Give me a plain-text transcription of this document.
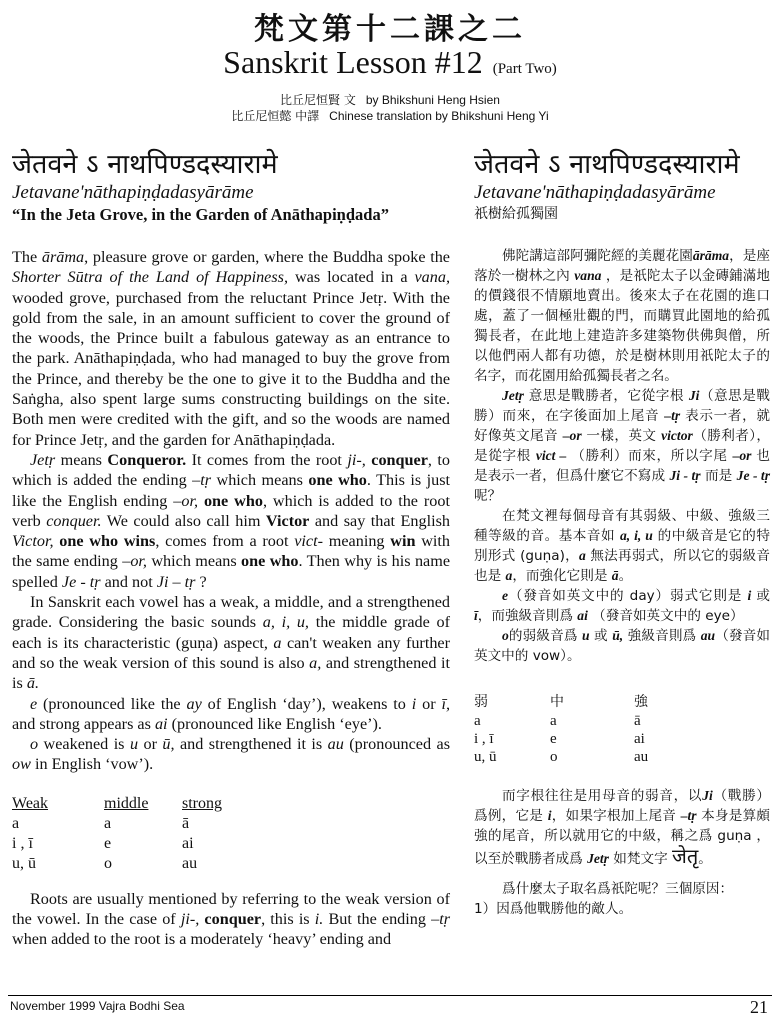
梵文第十二課之二
Sanskrit Lesson #12 (Part Two)
比丘尼恒賢 文 by Bhikshuni Heng Hsien
比丘尼恒懿 中譯 Chinese translation by Bhikshuni Heng Yi
जेतवने ऽ नाथपिण्डदस्यारामे
Jetavane'nāthapiṇḍadasyārāme
“In the Jeta Grove, in the Garden of Anāthapiṇḍada”

The ārāma, pleasure grove or garden, where the Buddha spoke the Shorter Sūtra of the Land of Happiness, was located in a vana, wooded grove, purchased from the reluctant Prince Jetṛ. With the gold from the sale, in an amount sufficient to cover the ground of the woods, the Prince built a fabulous gateway as an entrance to the park. Anāthapiṇḍada, who had managed to buy the grove from the Prince, and thereby be the one to give it to the Buddha and the Saṅgha, also spent large sums constructing buildings on the site. Both men were credited with the gift, and so the woods are named for Prince Jetṛ, and the garden for Anāthapiṇḍada.

Jetṛ means Conqueror. It comes from the root ji-, conquer, to which is added the ending –tṛ which means one who. This is just like the English ending –or, one who, which is added to the root verb conquer. We could also call him Victor and say that English Victor, one who wins, comes from a root vict- meaning win with the same ending –or, which means one who. Then why is his name spelled Je - tṛ and not Ji – tṛ ?

In Sanskrit each vowel has a weak, a middle, and a strengthened grade. Considering the basic sounds a, i, u, the middle grade of each is its characteristic (guṇa) aspect, a can't weaken any further and so the weak version of this sound is also a, and strengthened it is ā.

e (pronounced like the ay of English ‘day’), weakens to i or ī, and strong appears as ai (pronounced like English ‘eye’).

o weakened is u or ū, and strengthened it is au (pronounced as ow in English ‘vow’).

Weak	middle	strong
a	a	ā
i , ī	e	ai
u, ū	o	au

Roots are usually mentioned by referring to the weak version of the vowel. In the case of ji-, conquer, this is i. But the ending –tṛ when added to the root is a moderately ‘heavy’ ending and

जेतवने ऽ नाथपिण्डदस्यारामे
Jetavane'nāthapiṇḍadasyārāme
祇樹給孤獨園

佛陀講這部阿彌陀經的美麗花園ārāma，是座落於一樹林之內 vana ，是祇陀太子以金磚鋪滿地的價錢很不情願地賣出。後來太子在花園的進口處，蓋了一個極壯觀的門，而購買此園地的給孤獨長者，在此地上建造許多建築物供佛與僧，所以他們兩人都有功德，於是樹林則用祇陀太子的名字，而花園用給孤獨長者之名。

Jetṛ 意思是戰勝者，它從字根 Ji（意思是戰勝）而來，在字後面加上尾音 –tṛ 表示一者，就好像英文尾音 –or 一樣，英文 victor（勝利者），是從字根 vict – （勝利）而來，所以字尾 –or 也是表示一者，但爲什麼它不寫成 Ji - tṛ 而是 Je - tṛ 呢？

在梵文裡每個母音有其弱級、中級、強級三種等級的音。基本音如 a, i, u 的中級音是它的特別形式 (guṇa)，a 無法再弱式，所以它的弱級音也是 a，而強化它則是 ā。

e（發音如英文中的 day）弱式它則是 i 或 ī，而強級音則爲 ai （發音如英文中的 eye）

o的弱級音爲 u 或 ū, 強級音則爲 au（發音如英文中的 vow）。

弱	中	強
a	a	ā
i , ī	e	ai
u, ū	o	au

而字根往往是用母音的弱音，以Ji（戰勝）爲例，它是 i，如果字根加上尾音 –tṛ 本身是算頗強的尾音，所以就用它的中級，稱之爲 guṇa ，以至於戰勝者成爲 Jetṛ 如梵文字 जेतृ。

爲什麼太子取名爲祇陀呢？三個原因：
1）因爲他戰勝他的敵人。

November 1999 Vajra Bodhi Sea	21
